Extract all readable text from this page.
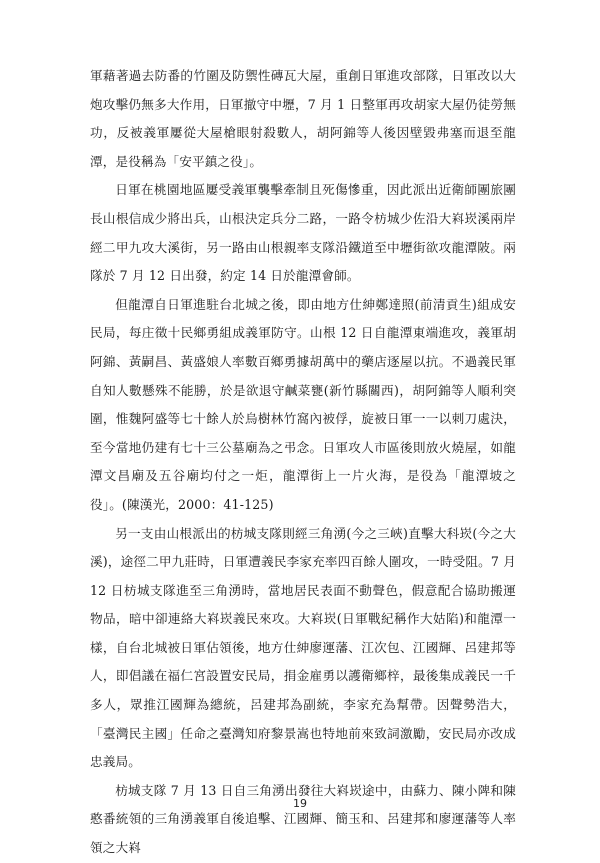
軍藉著過去防番的竹圍及防禦性磚瓦大屋，重創日軍進攻部隊，日軍改以大炮攻擊仍無多大作用，日軍撤守中壢，7 月 1 日整軍再攻胡家大屋仍徒勞無功，反被義軍屢從大屋槍眼射殺數人，胡阿錦等人後因壁毀弗塞而退至龍潭，是役稱為「安平鎮之役」。

日軍在桃園地區屢受義軍襲擊牽制且死傷慘重，因此派出近衛師團旅團長山根信成少將出兵，山根決定兵分二路，一路令枋城少佐沿大嵙崁溪兩岸經二甲九攻大溪街，另一路由山根親率支隊沿鐵道至中壢街欲攻龍潭陂。兩隊於 7 月 12 日出發，約定 14 日於龍潭會師。

但龍潭自日軍進駐台北城之後，即由地方仕紳鄭達照(前清貢生)組成安民局，每庄徵十民鄉勇組成義軍防守。山根 12 日自龍潭東端進攻，義軍胡阿錦、黃嗣昌、黃盛娘人率數百鄉勇據胡萬中的藥店逐屋以抗。不過義民軍自知人數懸殊不能勝，於是欲退守鹹菜甕(新竹縣關西)，胡阿錦等人順利突圍，惟魏阿盛等七十餘人於烏樹林竹窩內被俘，旋被日軍一一以刺刀處決，至今當地仍建有七十三公墓廟為之弔念。日軍攻人市區後則放火燒屋，如龍潭文昌廟及五谷廟均付之一炬，龍潭街上一片火海，是役為「龍潭坡之役」。(陳漢光，2000：41-125)

另一支由山根派出的枋城支隊則經三角湧(今之三峽)直擊大科崁(今之大溪)，途徑二甲九莊時，日軍遭義民李家充率四百餘人圍攻，一時受阻。7 月 12 日枋城支隊進至三角湧時，當地居民表面不動聲色，假意配合協助搬運物品，暗中卻連絡大嵙崁義民來攻。大嵙崁(日軍戰紀稱作大姑陷)和龍潭一樣，自台北城被日軍佔領後，地方仕紳廖運藩、江次包、江國輝、呂建邦等人，即倡議在福仁宮設置安民局，捐金雇勇以護衛鄉梓，最後集成義民一千多人，眾推江國輝為總統，呂建邦為副統，李家充為幫帶。因聲勢浩大，「臺灣民主國」任命之臺灣知府黎景嵩也特地前來致詞激勵，安民局亦改成忠義局。

枋城支隊 7 月 13 日自三角湧出發往大嵙崁途中，由蘇力、陳小陴和陳憨番統領的三角湧義軍自後追擊、江國輝、簡玉和、呂建邦和廖運藩等人率領之大嵙

19
